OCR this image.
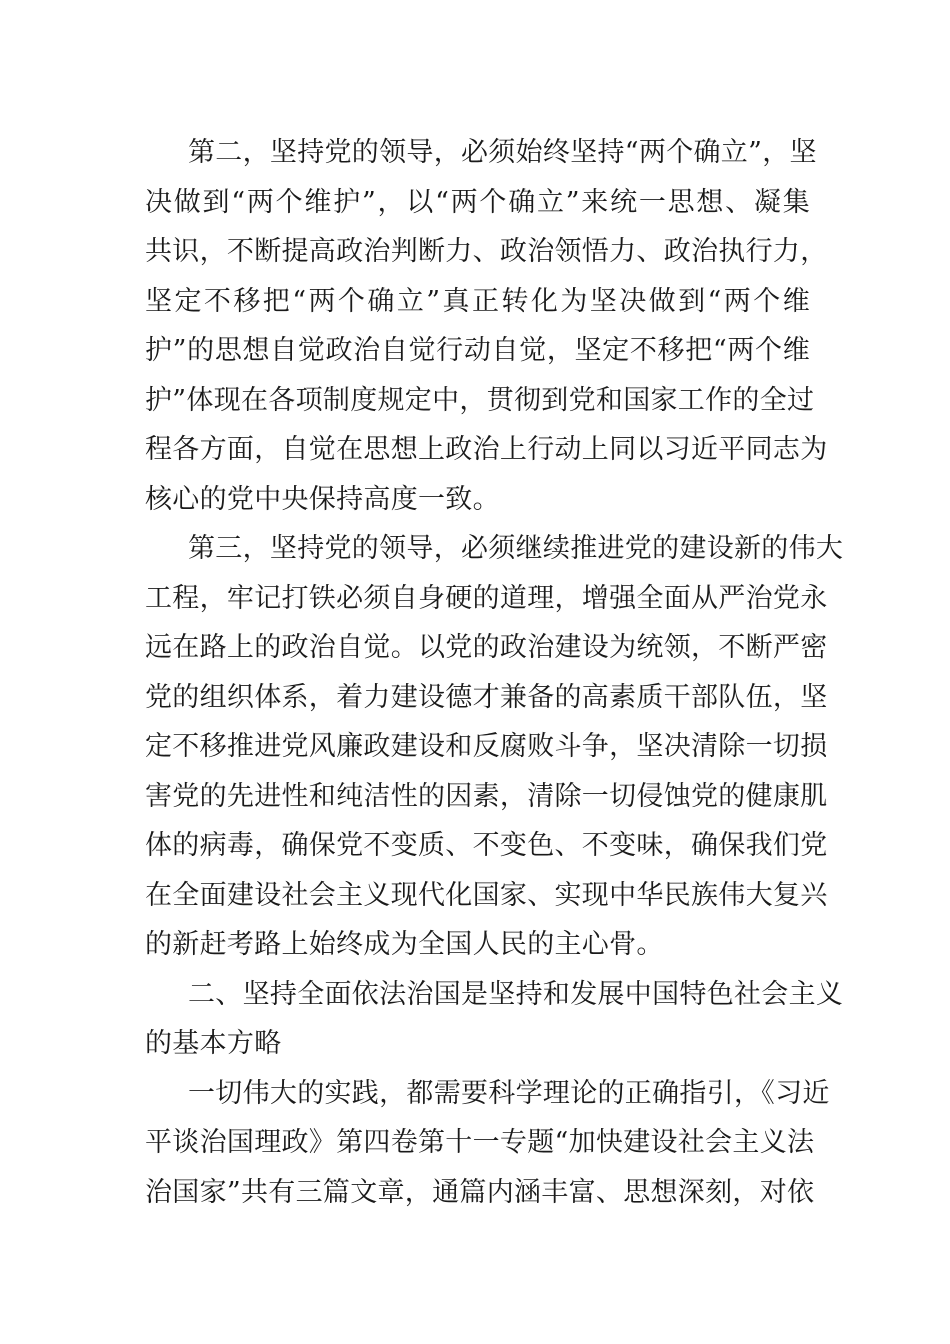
第二，坚持党的领导，必须始终坚持“两个确立”，坚
决做到“两个维护”，以“两个确立”来统一思想、凝集
共识，不断提高政治判断力、政治领悟力、政治执行力，
坚定不移把“两个确立”真正转化为坚决做到“两个维
护”的思想自觉政治自觉行动自觉，坚定不移把“两个维
护”体现在各项制度规定中，贯彻到党和国家工作的全过
程各方面，自觉在思想上政治上行动上同以习近平同志为
核心的党中央保持高度一致。
第三，坚持党的领导，必须继续推进党的建设新的伟大
工程，牢记打铁必须自身硬的道理，增强全面从严治党永
远在路上的政治自觉。以党的政治建设为统领，不断严密
党的组织体系，着力建设德才兼备的高素质干部队伍，坚
定不移推进党风廉政建设和反腐败斗争，坚决清除一切损
害党的先进性和纯洁性的因素，清除一切侵蚀党的健康肌
体的病毒，确保党不变质、不变色、不变味，确保我们党
在全面建设社会主义现代化国家、实现中华民族伟大复兴
的新赶考路上始终成为全国人民的主心骨。
二、坚持全面依法治国是坚持和发展中国特色社会主义
的基本方略
一切伟大的实践，都需要科学理论的正确指引，《习近
平谈治国理政》第四卷第十一专题“加快建设社会主义法
治国家”共有三篇文章，通篇内涵丰富、思想深刻，对依
